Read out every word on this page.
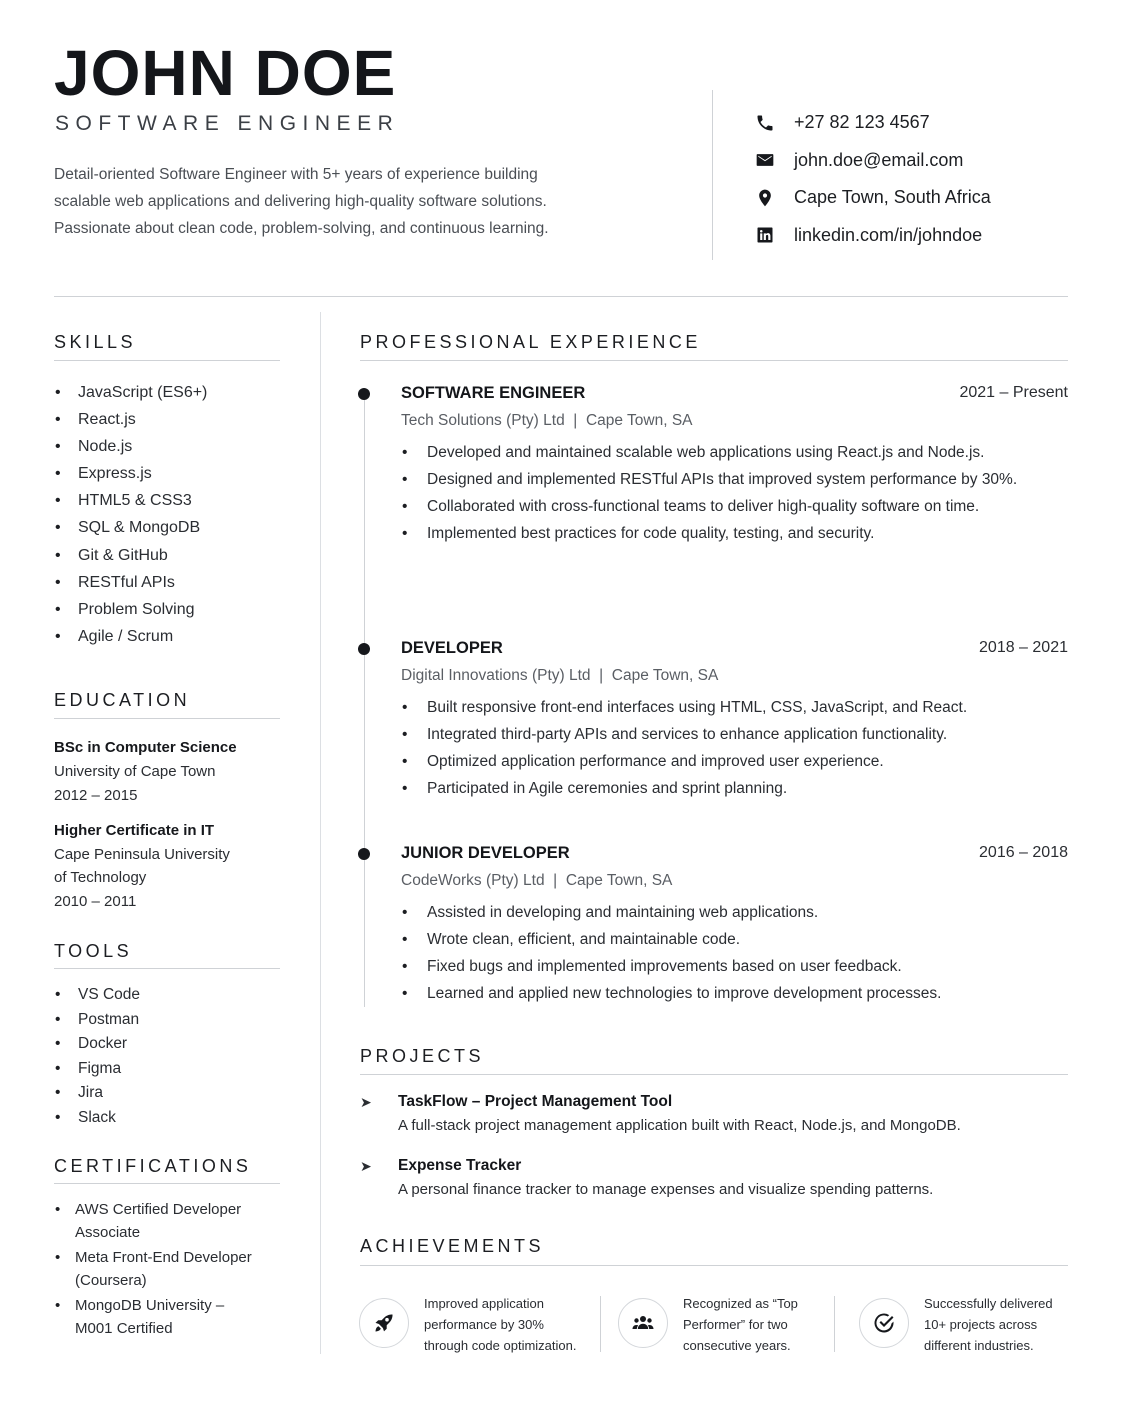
JOHN DOE
SOFTWARE ENGINEER
Detail-oriented Software Engineer with 5+ years of experience building scalable web applications and delivering high-quality software solutions. Passionate about clean code, problem-solving, and continuous learning.
+27 82 123 4567
john.doe@email.com
Cape Town, South Africa
linkedin.com/in/johndoe
SKILLS
• JavaScript (ES6+)
• React.js
• Node.js
• Express.js
• HTML5 & CSS3
• SQL & MongoDB
• Git & GitHub
• RESTful APIs
• Problem Solving
• Agile / Scrum
EDUCATION
BSc in Computer Science
University of Cape Town
2012 – 2015
Higher Certificate in IT
Cape Peninsula University
of Technology
2010 – 2011
TOOLS
• VS Code
• Postman
• Docker
• Figma
• Jira
• Slack
CERTIFICATIONS
• AWS Certified Developer
Associate
• Meta Front-End Developer
(Coursera)
• MongoDB University –
M001 Certified
PROFESSIONAL EXPERIENCE
SOFTWARE ENGINEER	2021 – Present
Tech Solutions (Pty) Ltd  |  Cape Town, SA
• Developed and maintained scalable web applications using React.js and Node.js.
• Designed and implemented RESTful APIs that improved system performance by 30%.
• Collaborated with cross-functional teams to deliver high-quality software on time.
• Implemented best practices for code quality, testing, and security.
DEVELOPER	2018 – 2021
Digital Innovations (Pty) Ltd  |  Cape Town, SA
• Built responsive front-end interfaces using HTML, CSS, JavaScript, and React.
• Integrated third-party APIs and services to enhance application functionality.
• Optimized application performance and improved user experience.
• Participated in Agile ceremonies and sprint planning.
JUNIOR DEVELOPER	2016 – 2018
CodeWorks (Pty) Ltd  |  Cape Town, SA
• Assisted in developing and maintaining web applications.
• Wrote clean, efficient, and maintainable code.
• Fixed bugs and implemented improvements based on user feedback.
• Learned and applied new technologies to improve development processes.
PROJECTS
➤ TaskFlow – Project Management Tool
A full-stack project management application built with React, Node.js, and MongoDB.
➤ Expense Tracker
A personal finance tracker to manage expenses and visualize spending patterns.
ACHIEVEMENTS
Improved application
performance by 30%
through code optimization.
Recognized as “Top
Performer” for two
consecutive years.
Successfully delivered
10+ projects across
different industries.
